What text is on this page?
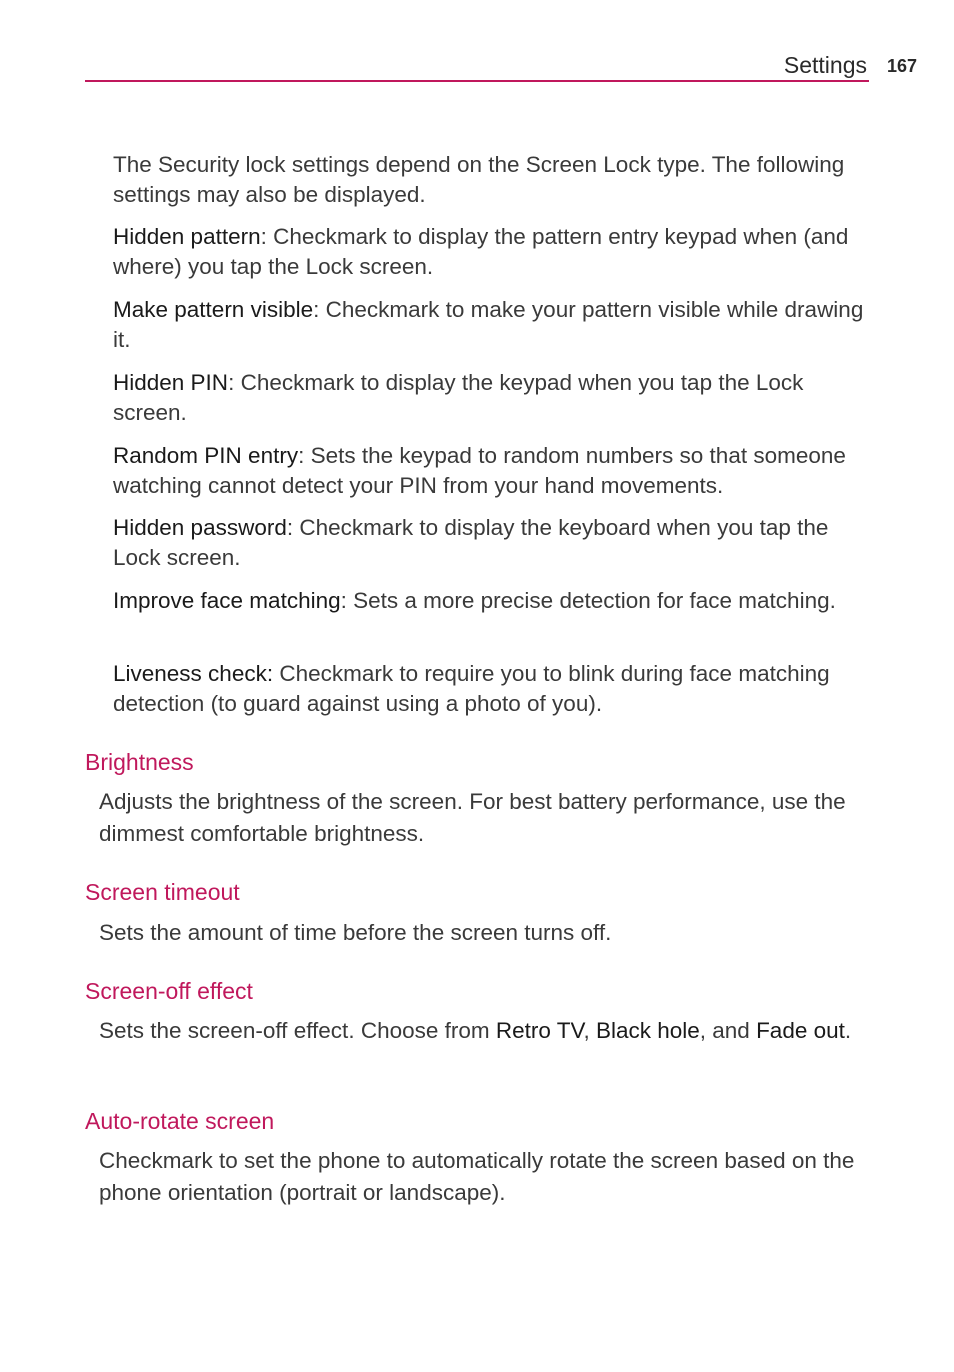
Settings 167
The Security lock settings depend on the Screen Lock type. The following settings may also be displayed.
Hidden pattern: Checkmark to display the pattern entry keypad when (and where) you tap the Lock screen.
Make pattern visible: Checkmark to make your pattern visible while drawing it.
Hidden PIN: Checkmark to display the keypad when you tap the Lock screen.
Random PIN entry: Sets the keypad to random numbers so that someone watching cannot detect your PIN from your hand movements.
Hidden password: Checkmark to display the keyboard when you tap the Lock screen.
Improve face matching: Sets a more precise detection for face matching.
Liveness check: Checkmark to require you to blink during face matching detection (to guard against using a photo of you).
Brightness
Adjusts the brightness of the screen. For best battery performance, use the dimmest comfortable brightness.
Screen timeout
Sets the amount of time before the screen turns off.
Screen-off effect
Sets the screen-off effect. Choose from Retro TV, Black hole, and Fade out.
Auto-rotate screen
Checkmark to set the phone to automatically rotate the screen based on the phone orientation (portrait or landscape).
